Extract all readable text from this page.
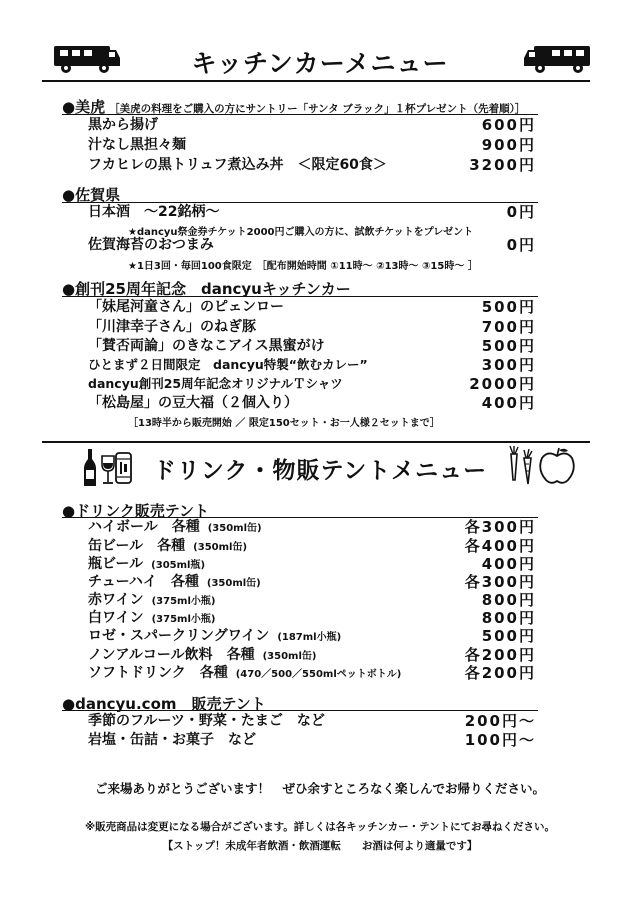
キッチンカーメニュー
●美虎 ［美虎の料理をご購入の方にサントリー「サンタ ブラック」１杯プレゼント（先着順）］
黒から揚げ	600円
汁なし黒担々麺	900円
フカヒレの黒トリュフ煮込み丼　＜限定60食＞	3200円
●佐賀県
日本酒　～22銘柄～	0円
★dancyu祭金券チケット2000円ご購入の方に、試飲チケットをプレゼント
佐賀海苔のおつまみ	0円
★1日3回・毎回100食限定　［配布開始時間 ①11時～ ②13時～ ③15時～ ］
●創刊25周年記念　dancyuキッチンカー
「妹尾河童さん」のピェンロー	500円
「川津幸子さん」のねぎ豚	700円
「賛否両論」のきなこアイス黒蜜がけ	500円
ひとまず２日間限定　dancyu特製“飲むカレー”	300円
dancyu創刊25周年記念オリジナルＴシャツ	2000円
「松島屋」の豆大福（２個入り）	400円
［13時半から販売開始 ／ 限定150セット・お一人様２セットまで］
ドリンク・物販テントメニュー
●ドリンク販売テント
ハイボール　各種 (350ml缶)	各300円
缶ビール　各種 (350ml缶)	各400円
瓶ビール (305ml瓶)	400円
チューハイ　各種 (350ml缶)	各300円
赤ワイン (375ml小瓶)	800円
白ワイン (375ml小瓶)	800円
ロゼ・スパークリングワイン (187ml小瓶)	500円
ノンアルコール飲料　各種 (350ml缶)	各200円
ソフトドリンク　各種 (470／500／550mlペットボトル)	各200円
●dancyu.com　販売テント
季節のフルーツ・野菜・たまご　など	200円～
岩塩・缶詰・お菓子　など	100円～
ご来場ありがとうございます！　ぜひ余すところなく楽しんでお帰りください。
※販売商品は変更になる場合がございます。詳しくは各キッチンカー・テントにてお尋ねください。
【ストップ！未成年者飲酒・飲酒運転　　お酒は何より適量です】
